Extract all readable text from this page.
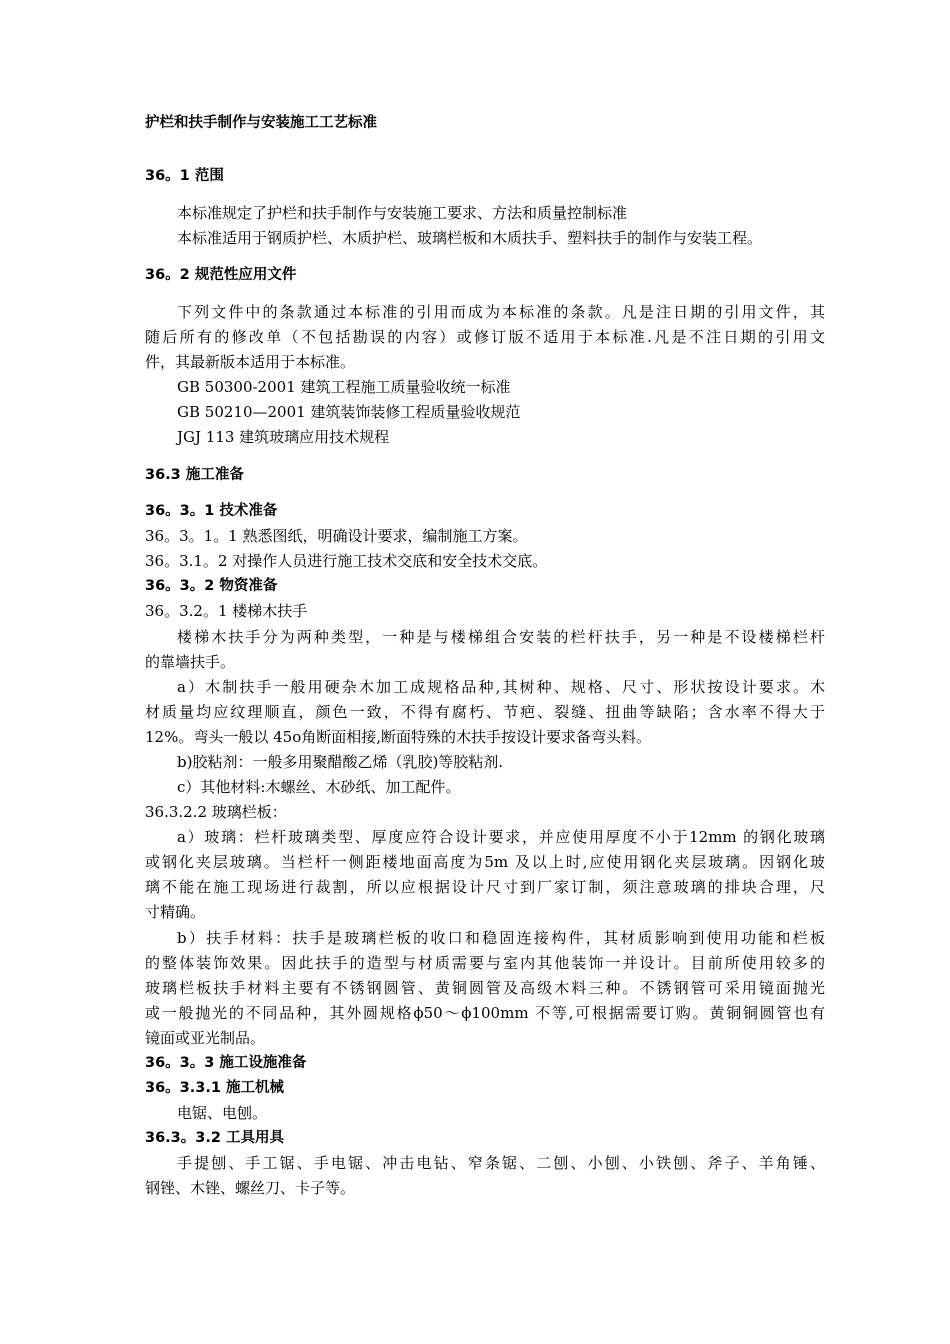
护栏和扶手制作与安装施工工艺标准

36。1 范围

本标准规定了护栏和扶手制作与安装施工要求、方法和质量控制标准

本标准适用于钢质护栏、木质护栏、玻璃栏板和木质扶手、塑料扶手的制作与安装工程。

36。2 规范性应用文件

下列文件中的条款通过本标准的引用而成为本标准的条款。凡是注日期的引用文件，其

随后所有的修改单（不包括勘误的内容）或修订版不适用于本标准.凡是不注日期的引用文

件，其最新版本适用于本标准。

GB 50300-2001 建筑工程施工质量验收统一标准

GB 50210—2001 建筑装饰装修工程质量验收规范

JGJ 113 建筑玻璃应用技术规程

36.3 施工准备

36。3。1 技术准备

36。3。1。1 熟悉图纸，明确设计要求，编制施工方案。

36。3.1。2 对操作人员进行施工技术交底和安全技术交底。

36。3。2 物资准备

36。3.2。1 楼梯木扶手

楼梯木扶手分为两种类型，一种是与楼梯组合安装的栏杆扶手，另一种是不设楼梯栏杆

的靠墙扶手。

a）木制扶手一般用硬杂木加工成规格品种,其树种、规格、尺寸、形状按设计要求。木

材质量均应纹理顺直，颜色一致，不得有腐朽、节疤、裂缝、扭曲等缺陷；含水率不得大于

12%。弯头一般以 45o角断面相接,断面特殊的木扶手按设计要求备弯头料。

b)胶粘剂：一般多用聚醋酸乙烯（乳胶)等胶粘剂.

c）其他材料:木螺丝、木砂纸、加工配件。

36.3.2.2 玻璃栏板：

a）玻璃：栏杆玻璃类型、厚度应符合设计要求，并应使用厚度不小于12mm 的钢化玻璃

或钢化夹层玻璃。当栏杆一侧距楼地面高度为5m 及以上时,应使用钢化夹层玻璃。因钢化玻

璃不能在施工现场进行裁割，所以应根据设计尺寸到厂家订制，须注意玻璃的排块合理，尺

寸精确。

b）扶手材料：扶手是玻璃栏板的收口和稳固连接构件，其材质影响到使用功能和栏板

的整体装饰效果。因此扶手的造型与材质需要与室内其他装饰一并设计。目前所使用较多的

玻璃栏板扶手材料主要有不锈钢圆管、黄铜圆管及高级木料三种。不锈钢管可采用镜面抛光

或一般抛光的不同品种，其外圆规格ϕ50～ϕ100mm 不等,可根据需要订购。黄铜铜圆管也有

镜面或亚光制品。

36。3。3 施工设施准备

36。3.3.1 施工机械

电锯、电刨。

36.3。3.2 工具用具

手提刨、手工锯、手电锯、冲击电钻、窄条锯、二刨、小刨、小铁刨、斧子、羊角锤、

钢锉、木锉、螺丝刀、卡子等。
